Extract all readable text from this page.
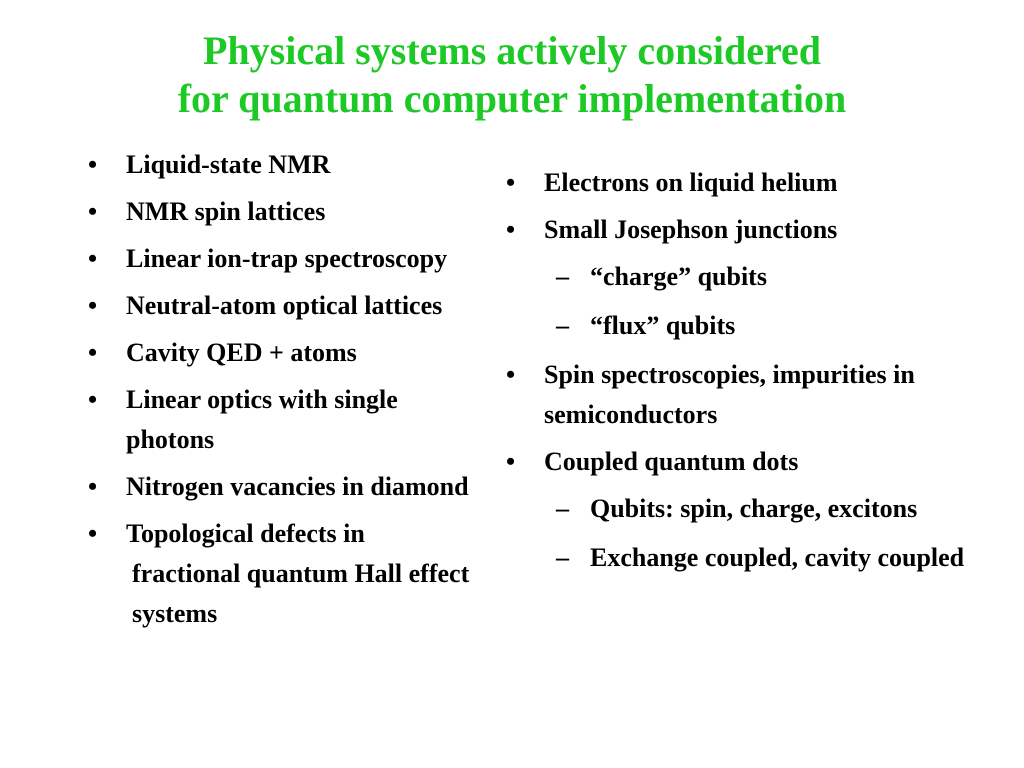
Physical systems actively considered
for quantum computer implementation
•	Liquid-state NMR
•	NMR spin lattices
•	Linear ion-trap spectroscopy
•	Neutral-atom optical lattices
•	Cavity QED + atoms
•	Linear optics with single photons
•	Nitrogen vacancies in diamond
•	Topological defects in
fractional quantum Hall effect systems
•	Electrons on liquid helium
•	Small Josephson junctions
– “charge” qubits
– “flux” qubits
•	Spin spectroscopies, impurities in semiconductors
•	Coupled quantum dots
– Qubits: spin, charge, excitons
– Exchange coupled, cavity coupled
